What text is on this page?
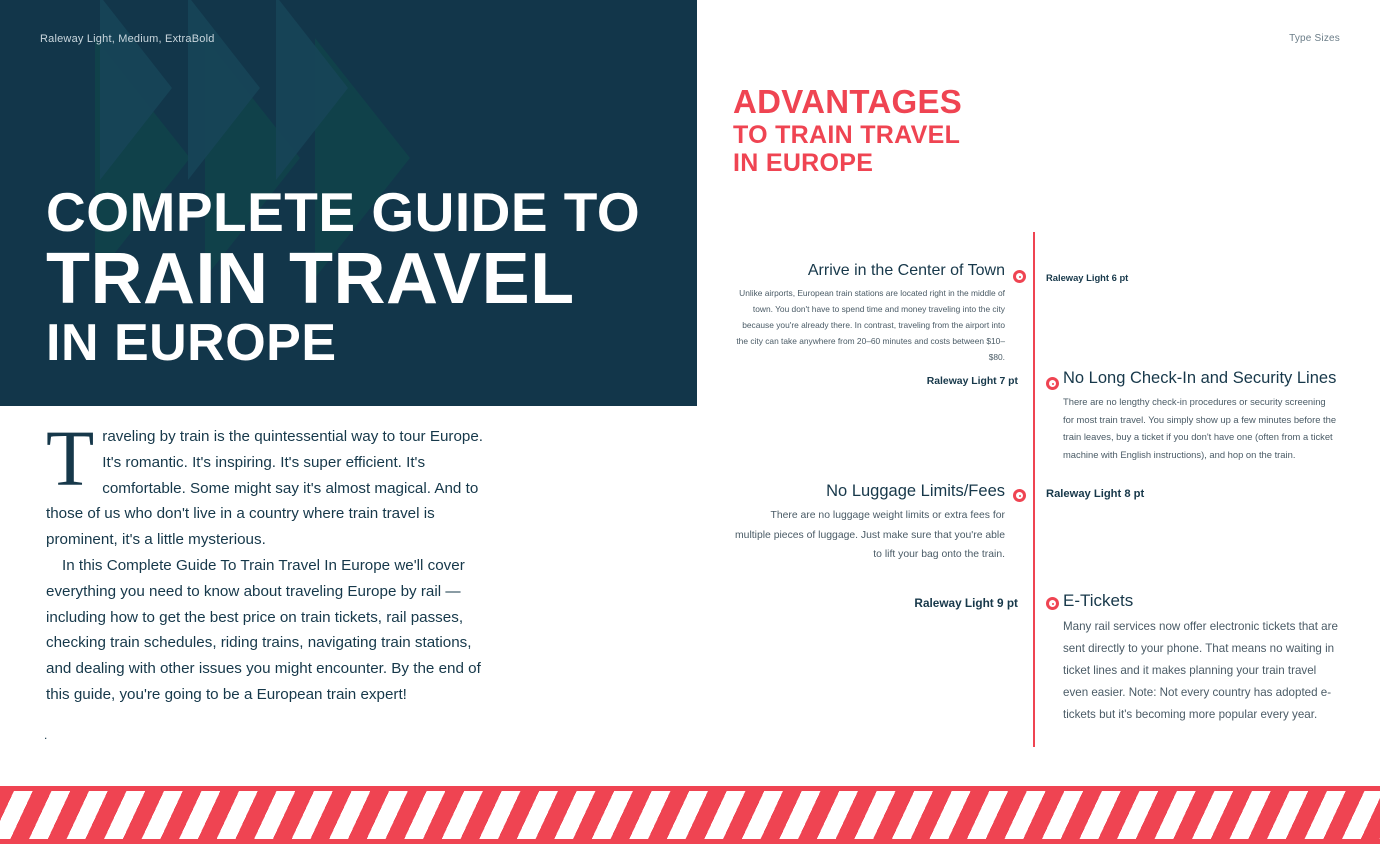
Raleway Light, Medium, ExtraBold
COMPLETE GUIDE TO
TRAIN TRAVEL
IN EUROPE
T raveling by train is the quintessential way to tour Europe. It's romantic. It's inspiring. It's super efficient. It's comfortable. Some might say it's almost magical. And to those of us who don't live in a country where train travel is prominent, it's a little mysterious.

In this Complete Guide To Train Travel In Europe we'll cover everything you need to know about traveling Europe by rail — including how to get the best price on train tickets, rail passes, checking train schedules, riding trains, navigating train stations, and dealing with other issues you might encounter. By the end of this guide, you're going to be a European train expert!

.
Type Sizes
ADVANTAGES
TO TRAIN TRAVEL
IN EUROPE

Arrive in the Center of Town

Unlike airports, European train stations are located right in the middle of town. You don't have to spend time and money traveling into the city because you're already there. In contrast, traveling from the airport into the city can take anywhere from 20–60 minutes and costs between $10–$80.

Raleway Light 6 pt

No Long Check-In and Security Lines

There are no lengthy check-in procedures or security screening for most train travel. You simply show up a few minutes before the train leaves, buy a ticket if you don't have one (often from a ticket machine with English instructions), and hop on the train.

Raleway Light 7 pt

No Luggage Limits/Fees

There are no luggage weight limits or extra fees for multiple pieces of luggage. Just make sure that you're able to lift your bag onto the train.

Raleway Light 8 pt

E-Tickets

Many rail services now offer electronic tickets that are sent directly to your phone. That means no waiting in ticket lines and it makes planning your train travel even easier. Note: Not every country has adopted e-tickets but it's becoming more popular every year.

Raleway Light 9 pt
